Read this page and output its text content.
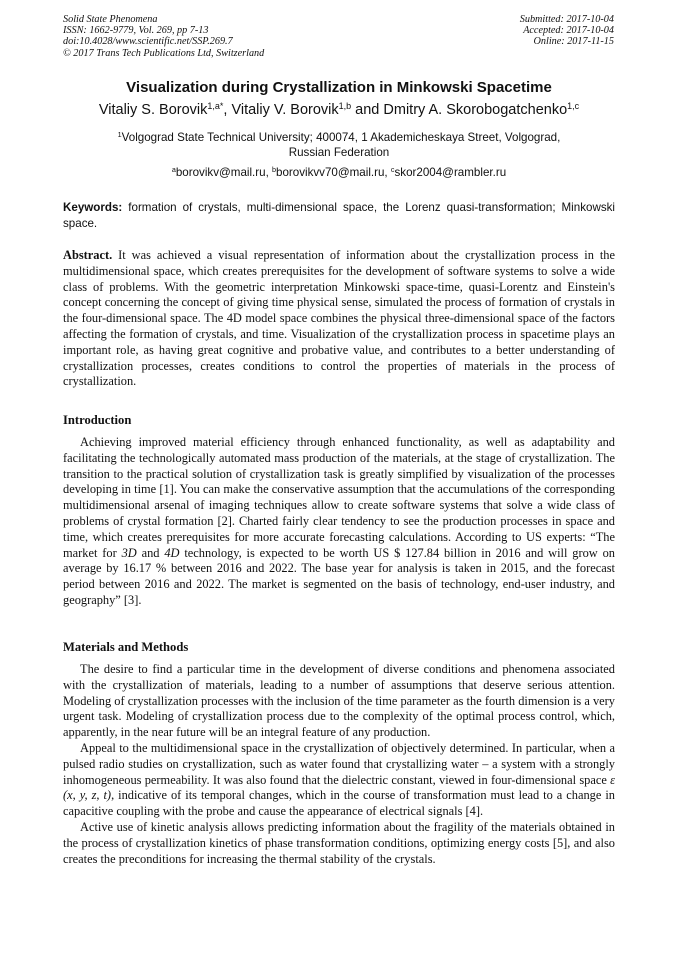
Solid State Phenomena
ISSN: 1662-9779, Vol. 269, pp 7-13
doi:10.4028/www.scientific.net/SSP.269.7
© 2017 Trans Tech Publications Ltd, Switzerland
Submitted: 2017-10-04
Accepted: 2017-10-04
Online: 2017-11-15
Visualization during Crystallization in Minkowski Spacetime
Vitaliy S. Borovik$^{1,a*}$, Vitaliy V. Borovik$^{1,b}$ and Dmitry A. Skorobogatchenko$^{1,c}$
$^1$Volgograd State Technical University; 400074, 1 Akademicheskaya Street, Volgograd,
Russian Federation
$^a$borovikv@mail.ru, $^b$borovikvv70@mail.ru, $^c$skor2004@rambler.ru
Keywords: formation of crystals, multi-dimensional space, the Lorenz quasi-transformation; Minkowski space.
Abstract. It was achieved a visual representation of information about the crystallization process in the multidimensional space, which creates prerequisites for the development of software systems to solve a wide class of problems. With the geometric interpretation Minkowski space-time, quasi-Lorentz and Einstein's concept concerning the concept of giving time physical sense, simulated the process of formation of crystals in the four-dimensional space. The 4D model space combines the physical three-dimensional space of the factors affecting the formation of crystals, and time. Visualization of the crystallization process in spacetime plays an important role, as having great cognitive and probative value, and contributes to a better understanding of crystallization processes, creates conditions to control the properties of materials in the process of crystallization.
Introduction

Achieving improved material efficiency through enhanced functionality, as well as adaptability and facilitating the technologically automated mass production of the materials, at the stage of crystallization. The transition to the practical solution of crystallization task is greatly simplified by visualization of the processes developing in time [1]. You can make the conservative assumption that the accumulations of the corresponding multidimensional arsenal of imaging techniques allow to create software systems that solve a wide class of problems of crystal formation [2]. Charted fairly clear tendency to see the production processes in space and time, which creates prerequisites for more accurate forecasting calculations. According to US experts: “The market for 3D and 4D technology, is expected to be worth US $ 127.84 billion in 2016 and will grow on average by 16.17 % between 2016 and 2022. The base year for analysis is taken in 2015, and the forecast period between 2016 and 2022. The market is segmented on the basis of technology, end-user industry, and geography” [3].

Materials and Methods

The desire to find a particular time in the development of diverse conditions and phenomena associated with the crystallization of materials, leading to a number of assumptions that deserve serious attention. Modeling of crystallization processes with the inclusion of the time parameter as the fourth dimension is a very urgent task. Modeling of crystallization process due to the complexity of the optimal process control, which, apparently, in the near future will be an integral feature of any production.

Appeal to the multidimensional space in the crystallization of objectively determined. In particular, when a pulsed radio studies on crystallization, such as water found that crystallizing water – a system with a strongly inhomogeneous permeability. It was also found that the dielectric constant, viewed in four-dimensional space ε (x, y, z, t), indicative of its temporal changes, which in the course of transformation must lead to a change in capacitive coupling with the probe and cause the appearance of electrical signals [4].

Active use of kinetic analysis allows predicting information about the fragility of the materials obtained in the process of crystallization kinetics of phase transformation conditions, optimizing energy costs [5], and also creates the preconditions for increasing the thermal stability of the crystals.
